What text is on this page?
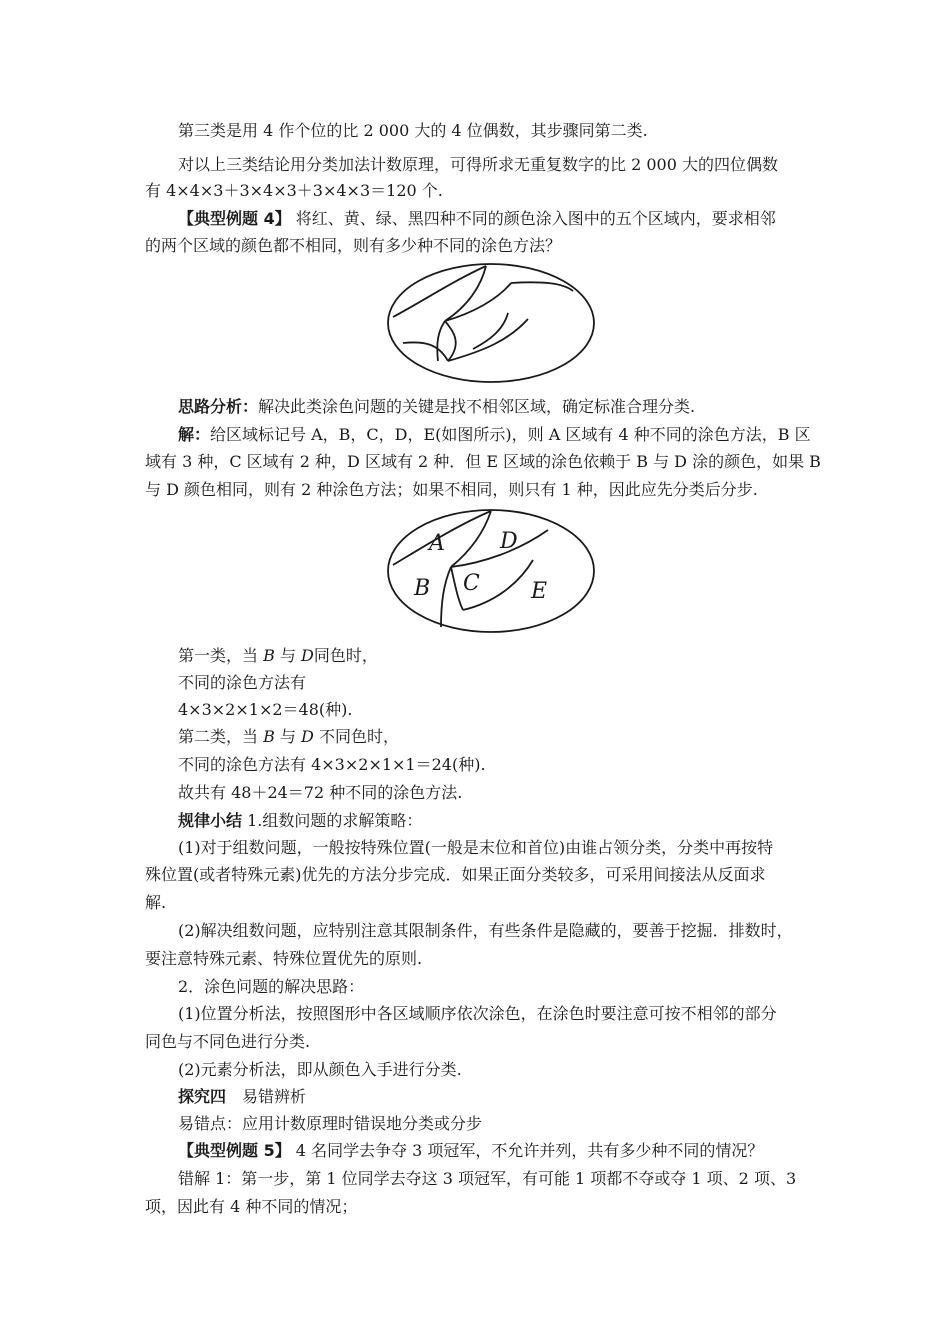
第三类是用 4 作个位的比 2 000 大的 4 位偶数，其步骤同第二类.
对以上三类结论用分类加法计数原理，可得所求无重复数字的比 2 000 大的四位偶数
有 4×4×3＋3×4×3＋3×4×3＝120 个.
【典型例题 4】 将红、黄、绿、黑四种不同的颜色涂入图中的五个区域内，要求相邻
的两个区域的颜色都不相同，则有多少种不同的涂色方法？
思路分析：解决此类涂色问题的关键是找不相邻区域，确定标准合理分类.
解：给区域标记号 A，B，C，D，E(如图所示)，则 A 区域有 4 种不同的涂色方法，B 区
域有 3 种，C 区域有 2 种，D 区域有 2 种．但 E 区域的涂色依赖于 B 与 D 涂的颜色，如果 B
与 D 颜色相同，则有 2 种涂色方法；如果不相同，则只有 1 种，因此应先分类后分步.
A	D
B C E
第一类，当 B 与 D同色时，
不同的涂色方法有
4×3×2×1×2＝48(种).
第二类，当 B 与 D 不同色时，
不同的涂色方法有 4×3×2×1×1＝24(种).
故共有 48＋24＝72 种不同的涂色方法.
规律小结 1.组数问题的求解策略：
(1)对于组数问题，一般按特殊位置(一般是末位和首位)由谁占领分类，分类中再按特
殊位置(或者特殊元素)优先的方法分步完成．如果正面分类较多，可采用间接法从反面求
解.
(2)解决组数问题，应特别注意其限制条件，有些条件是隐藏的，要善于挖掘．排数时，
要注意特殊元素、特殊位置优先的原则.
2．涂色问题的解决思路：
(1)位置分析法，按照图形中各区域顺序依次涂色，在涂色时要注意可按不相邻的部分
同色与不同色进行分类.
(2)元素分析法，即从颜色入手进行分类.
探究四　易错辨析
易错点：应用计数原理时错误地分类或分步
【典型例题 5】 4 名同学去争夺 3 项冠军，不允许并列，共有多少种不同的情况？
错解 1：第一步，第 1 位同学去夺这 3 项冠军，有可能 1 项都不夺或夺 1 项、2 项、3
项，因此有 4 种不同的情况；
